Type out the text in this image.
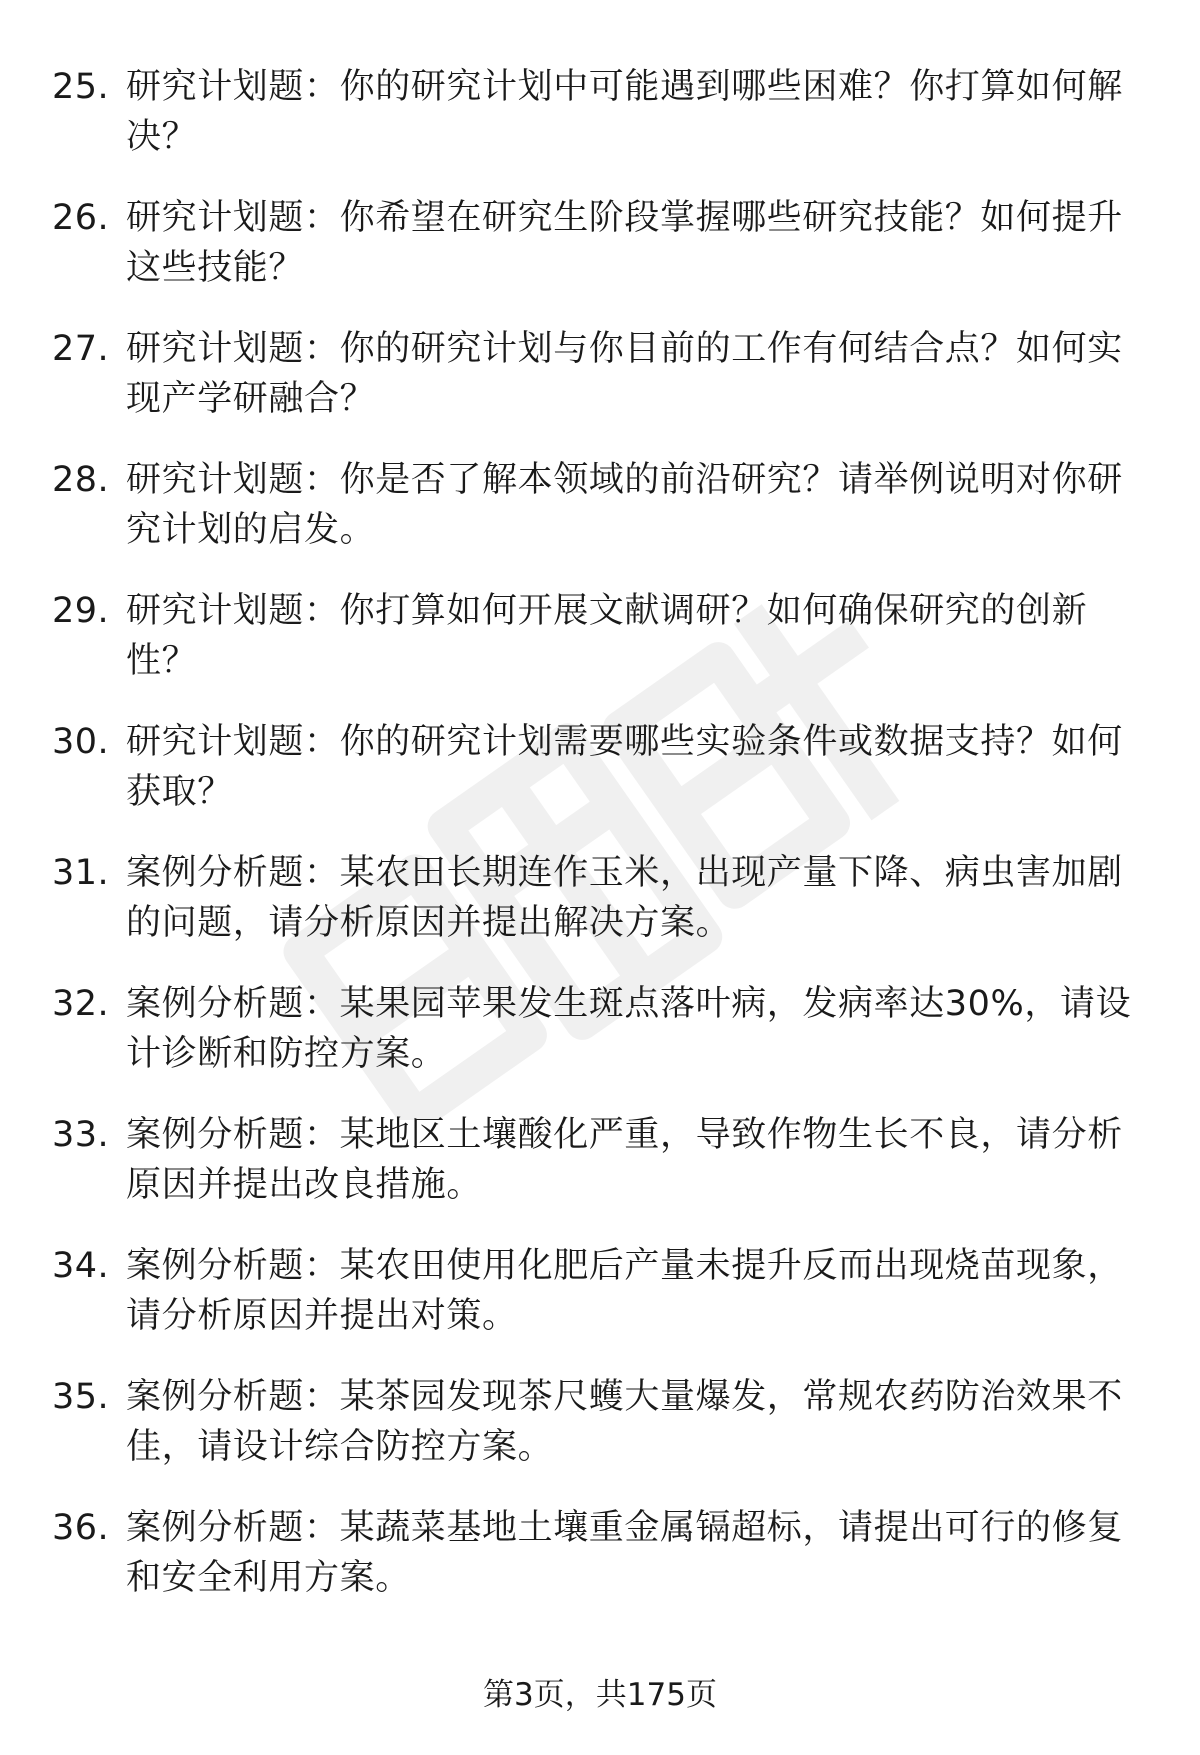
25. 研究计划题：你的研究计划中可能遇到哪些困难？你打算如何解决？
26. 研究计划题：你希望在研究生阶段掌握哪些研究技能？如何提升这些技能？
27. 研究计划题：你的研究计划与你目前的工作有何结合点？如何实现产学研融合？
28. 研究计划题：你是否了解本领域的前沿研究？请举例说明对你研究计划的启发。
29. 研究计划题：你打算如何开展文献调研？如何确保研究的创新性？
30. 研究计划题：你的研究计划需要哪些实验条件或数据支持？如何获取？
31. 案例分析题：某农田长期连作玉米，出现产量下降、病虫害加剧的问题，请分析原因并提出解决方案。
32. 案例分析题：某果园苹果发生斑点落叶病，发病率达30%，请设计诊断和防控方案。
33. 案例分析题：某地区土壤酸化严重，导致作物生长不良，请分析原因并提出改良措施。
34. 案例分析题：某农田使用化肥后产量未提升反而出现烧苗现象，请分析原因并提出对策。
35. 案例分析题：某茶园发现茶尺蠖大量爆发，常规农药防治效果不佳，请设计综合防控方案。
36. 案例分析题：某蔬菜基地土壤重金属镉超标，请提出可行的修复和安全利用方案。
第3页，共175页
